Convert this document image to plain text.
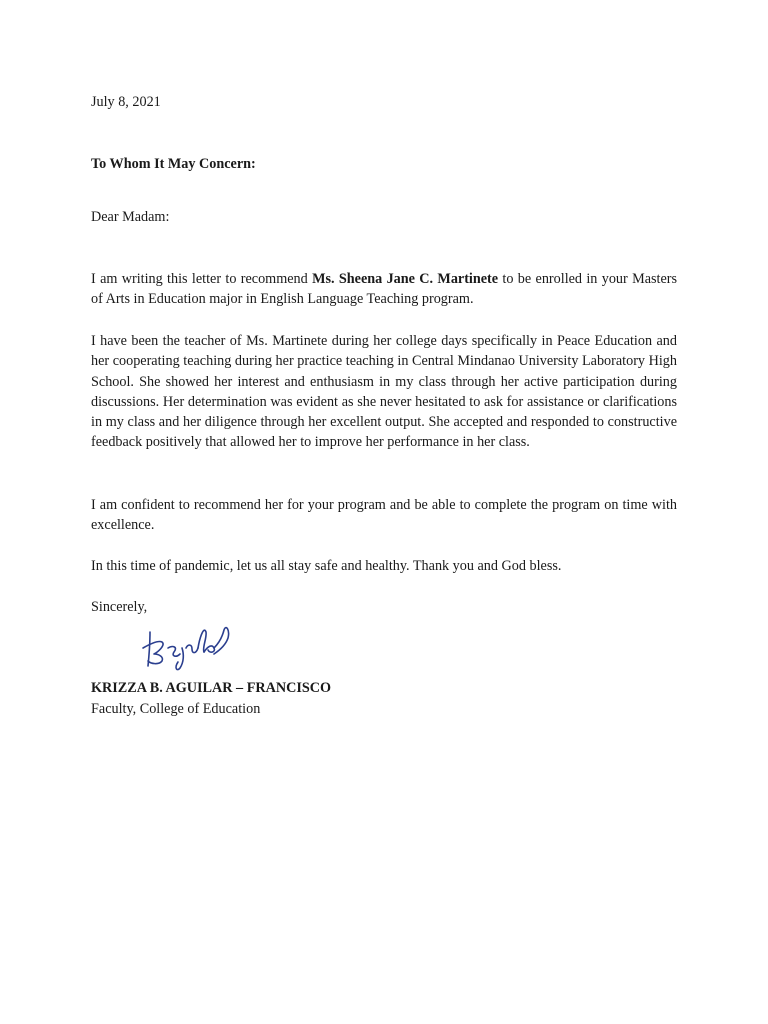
July 8, 2021
To Whom It May Concern:
Dear Madam:
I am writing this letter to recommend Ms. Sheena Jane C. Martinete to be enrolled in your Masters of Arts in Education major in English Language Teaching program.
I have been the teacher of Ms. Martinete during her college days specifically in Peace Education and her cooperating teaching during her practice teaching in Central Mindanao University Laboratory High School. She showed her interest and enthusiasm in my class through her active participation during discussions. Her determination was evident as she never hesitated to ask for assistance or clarifications in my class and her diligence through her excellent output. She accepted and responded to constructive feedback positively that allowed her to improve her performance in her class.
I am confident to recommend her for your program and be able to complete the program on time with excellence.
In this time of pandemic, let us all stay safe and healthy. Thank you and God bless.
Sincerely,
KRIZZA B. AGUILAR – FRANCISCO
Faculty, College of Education
